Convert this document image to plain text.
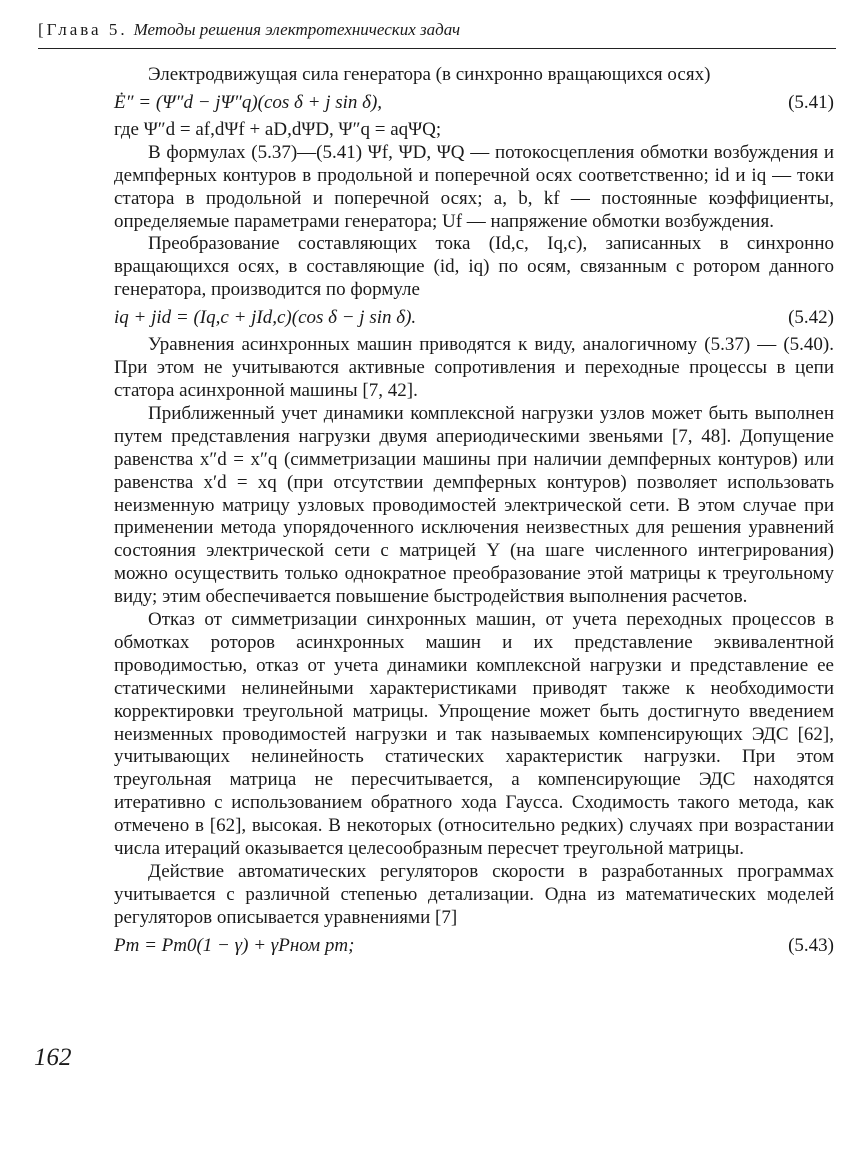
[Глава 5. Методы решения электротехнических задач

Электродвижущая сила генератора (в синхронно вращающихся осях)

Ė″ = (Ψ″d − jΨ″q)(cos δ + j sin δ),	(5.41)

где Ψ″d = af,dΨf + aD,dΨD, Ψ″q = aqΨQ;

В формулах (5.37)—(5.41) Ψf, ΨD, ΨQ — потокосцепления обмотки возбуждения и демпферных контуров в продольной и поперечной осях соответственно; id и iq — токи статора в продольной и поперечной осях; a, b, kf — постоянные коэффициенты, определяемые параметрами генератора; Uf — напряжение обмотки возбуждения.

Преобразование составляющих тока (Id,c, Iq,c), записанных в синхронно вращающихся осях, в составляющие (id, iq) по осям, связанным с ротором данного генератора, производится по формуле

iq + jid = (Iq,c + jId,c)(cos δ − j sin δ).	(5.42)

Уравнения асинхронных машин приводятся к виду, аналогичному (5.37) — (5.40). При этом не учитываются активные сопротивления и переходные процессы в цепи статора асинхронной машины [7, 42].

Приближенный учет динамики комплексной нагрузки узлов может быть выполнен путем представления нагрузки двумя апериодическими звеньями [7, 48]. Допущение равенства x″d = x″q (симметризации машины при наличии демпферных контуров) или равенства x′d = xq (при отсутствии демпферных контуров) позволяет использовать неизменную матрицу узловых проводимостей электрической сети. В этом случае при применении метода упорядоченного исключения неизвестных для решения уравнений состояния электрической сети с матрицей Y (на шаге численного интегрирования) можно осуществить только однократное преобразование этой матрицы к треугольному виду; этим обеспечивается повышение быстродействия выполнения расчетов.

Отказ от симметризации синхронных машин, от учета переходных процессов в обмотках роторов асинхронных машин и их представление эквивалентной проводимостью, отказ от учета динамики комплексной нагрузки и представление ее статическими нелинейными характеристиками приводят также к необходимости корректировки треугольной матрицы. Упрощение может быть достигнуто введением неизменных проводимостей нагрузки и так называемых компенсирующих ЭДС [62], учитывающих нелинейность статических характеристик нагрузки. При этом треугольная матрица не пересчитывается, а компенсирующие ЭДС находятся итеративно с использованием обратного хода Гаусса. Сходимость такого метода, как отмечено в [62], высокая. В некоторых (относительно редких) случаях при возрастании числа итераций оказывается целесообразным пересчет треугольной матрицы.

Действие автоматических регуляторов скорости в разработанных программах учитывается с различной степенью детализации. Одна из математических моделей регуляторов описывается уравнениями [7]

Pт = Pт0(1 − γ) + γPном pт;	(5.43)
162
